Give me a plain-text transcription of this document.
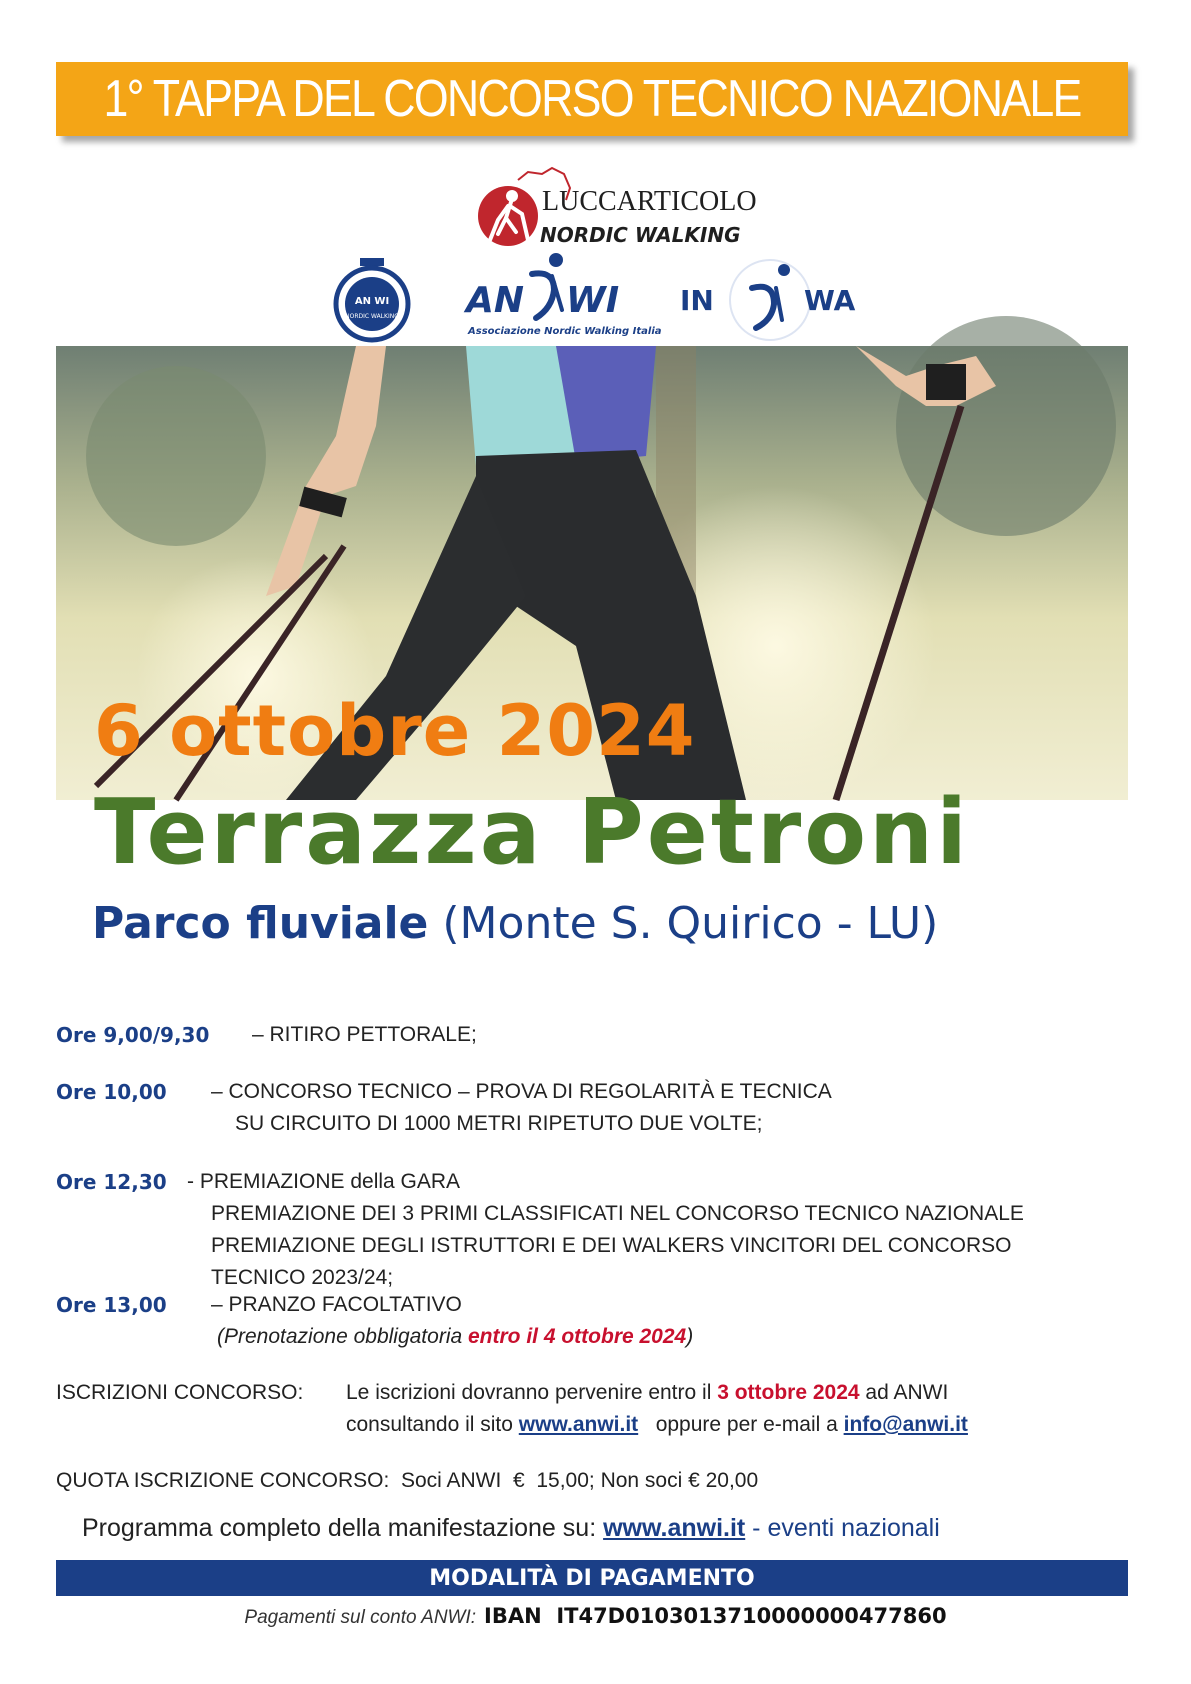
1° TAPPA DEL CONCORSO TECNICO NAZIONALE
LUCCARTICOLO
NORDIC WALKING
AN WI
NORDIC WALKING AN WI
Associazione Nordic Walking Italia
IN	WA
6 ottobre 2024
Terrazza Petroni
Parco fluviale (Monte S. Quirico - LU)
Ore 9,00/9,30 – RITIRO PETTORALE;
Ore 10,00 – CONCORSO TECNICO – PROVA DI REGOLARITÀ E TECNICA
SU CIRCUITO DI 1000 METRI RIPETUTO DUE VOLTE;
Ore 12,30 - PREMIAZIONE della GARA
PREMIAZIONE DEI 3 PRIMI CLASSIFICATI NEL CONCORSO TECNICO NAZIONALE
PREMIAZIONE DEGLI ISTRUTTORI E DEI WALKERS VINCITORI DEL CONCORSO
TECNICO 2023/24;
Ore 13,00 – PRANZO FACOLTATIVO
(Prenotazione obbligatoria entro il 4 ottobre 2024)
ISCRIZIONI CONCORSO: Le iscrizioni dovranno pervenire entro il 3 ottobre 2024 ad ANWI
consultando il sito www.anwi.it   oppure per e-mail a info@anwi.it
QUOTA ISCRIZIONE CONCORSO:  Soci ANWI  €  15,00; Non soci € 20,00
Programma completo della manifestazione su: www.anwi.it - eventi nazionali
MODALITÀ DI PAGAMENTO
Pagamenti sul conto ANWI: IBAN  IT47D0103013710000000477860
